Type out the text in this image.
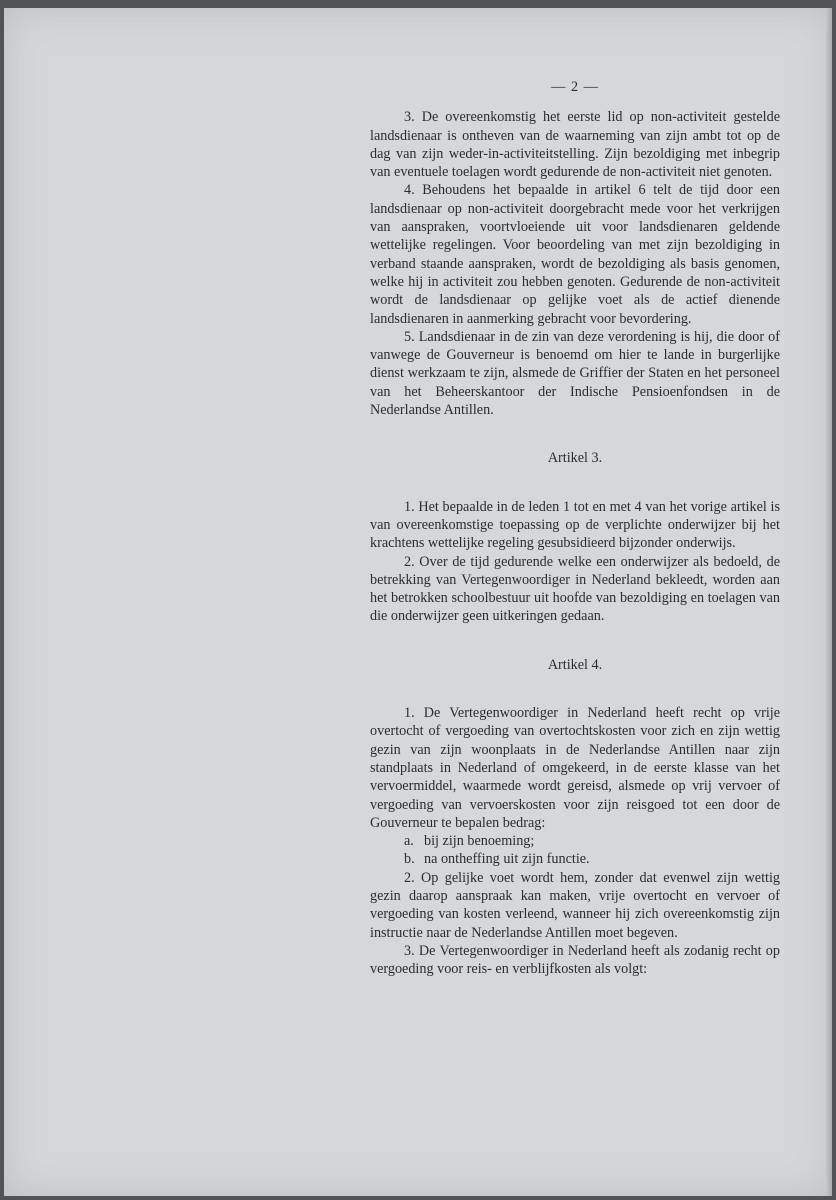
— 2 —

3. De overeenkomstig het eerste lid op non-activiteit gestelde landsdienaar is ontheven van de waarneming van zijn ambt tot op de dag van zijn weder-in-activiteitstelling. Zijn bezoldiging met inbegrip van eventuele toelagen wordt gedurende de non-activiteit niet genoten.

4. Behoudens het bepaalde in artikel 6 telt de tijd door een landsdienaar op non-activiteit doorgebracht mede voor het verkrijgen van aanspraken, voortvloeiende uit voor landsdienaren geldende wettelijke regelingen. Voor beoordeling van met zijn bezoldiging in verband staande aanspraken, wordt de bezoldiging als basis genomen, welke hij in activiteit zou hebben genoten. Gedurende de non-activiteit wordt de landsdienaar op gelijke voet als de actief dienende landsdienaren in aanmerking gebracht voor bevordering.

5. Landsdienaar in de zin van deze verordening is hij, die door of vanwege de Gouverneur is benoemd om hier te lande in burgerlijke dienst werkzaam te zijn, alsmede de Griffier der Staten en het personeel van het Beheerskantoor der Indische Pensioenfondsen in de Nederlandse Antillen.

Artikel 3.

1. Het bepaalde in de leden 1 tot en met 4 van het vorige artikel is van overeenkomstige toepassing op de verplichte onderwijzer bij het krachtens wettelijke regeling gesubsidieerd bijzonder onderwijs.

2. Over de tijd gedurende welke een onderwijzer als bedoeld, de betrekking van Vertegenwoordiger in Nederland bekleedt, worden aan het betrokken schoolbestuur uit hoofde van bezoldiging en toelagen van die onderwijzer geen uitkeringen gedaan.

Artikel 4.

1. De Vertegenwoordiger in Nederland heeft recht op vrije overtocht of vergoeding van overtochtskosten voor zich en zijn wettig gezin van zijn woonplaats in de Nederlandse Antillen naar zijn standplaats in Nederland of omgekeerd, in de eerste klasse van het vervoermiddel, waarmede wordt gereisd, alsmede op vrij vervoer of vergoeding van vervoerskosten voor zijn reisgoed tot een door de Gouverneur te bepalen bedrag:

a. bij zijn benoeming;

b. na ontheffing uit zijn functie.

2. Op gelijke voet wordt hem, zonder dat evenwel zijn wettig gezin daarop aanspraak kan maken, vrije overtocht en vervoer of vergoeding van kosten verleend, wanneer hij zich overeenkomstig zijn instructie naar de Nederlandse Antillen moet begeven.

3. De Vertegenwoordiger in Nederland heeft als zodanig recht op vergoeding voor reis- en verblijfkosten als volgt:
